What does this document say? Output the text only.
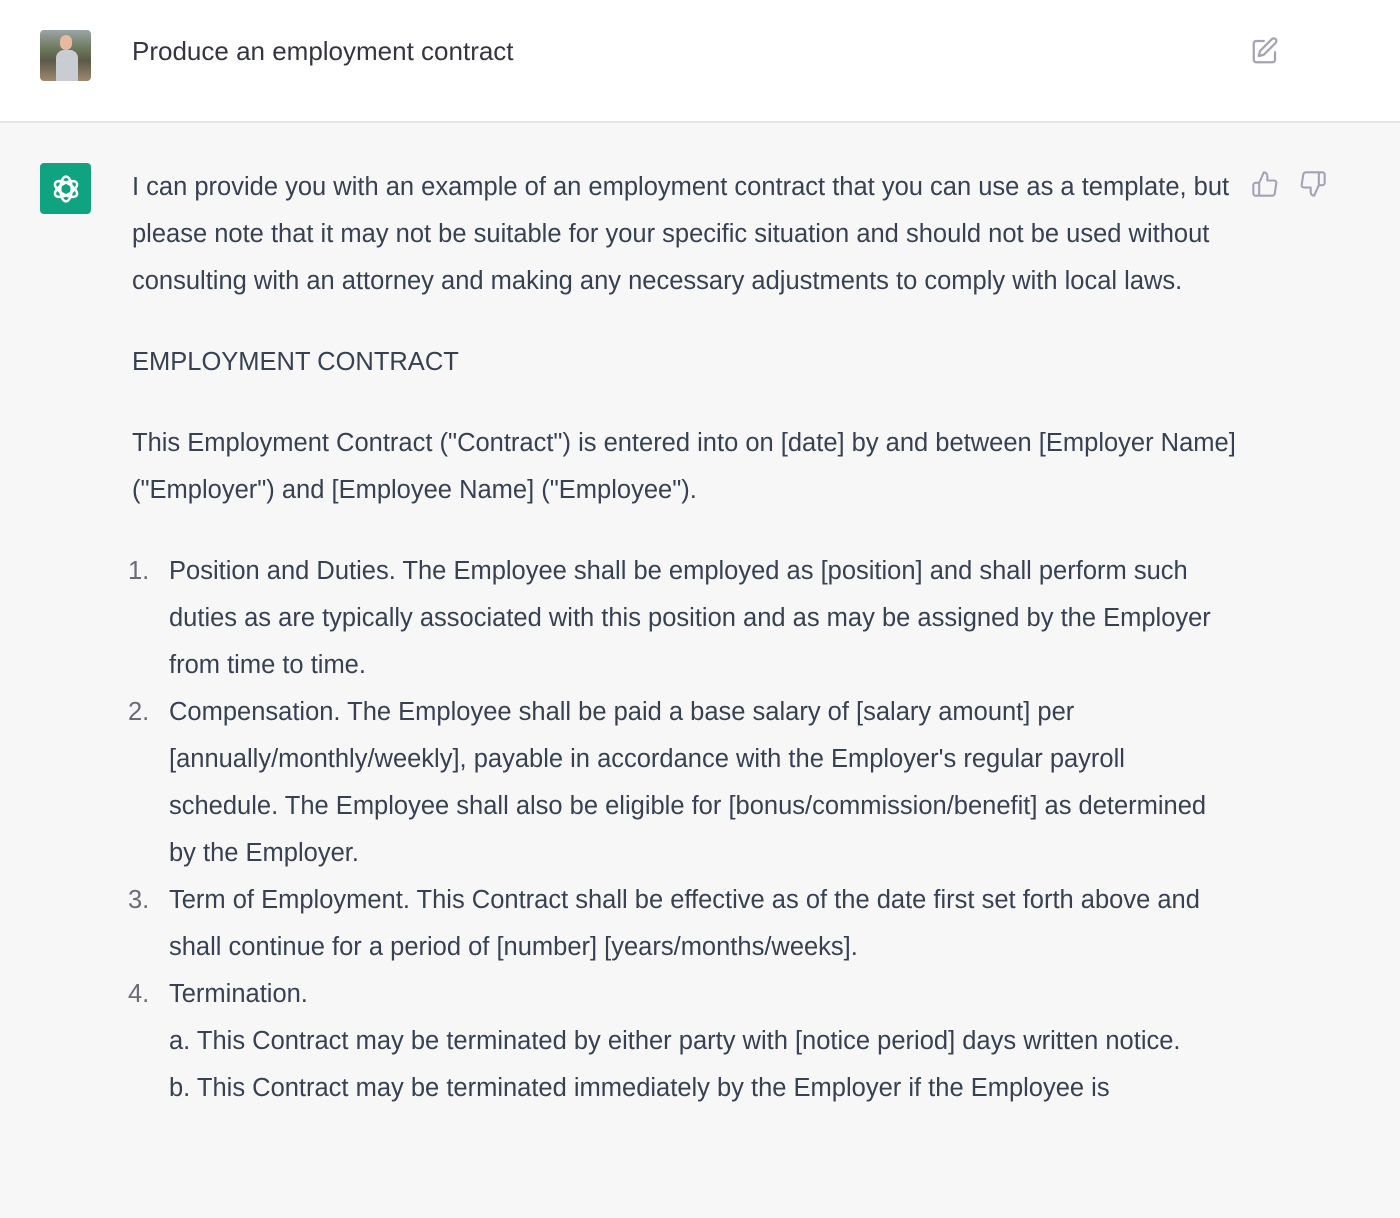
Produce an employment contract

I can provide you with an example of an employment contract that you can use as a template, but please note that it may not be suitable for your specific situation and should not be used without consulting with an attorney and making any necessary adjustments to comply with local laws.

EMPLOYMENT CONTRACT

This Employment Contract ("Contract") is entered into on [date] by and between [Employer Name] ("Employer") and [Employee Name] ("Employee").

1. Position and Duties. The Employee shall be employed as [position] and shall perform such duties as are typically associated with this position and as may be assigned by the Employer from time to time.
2. Compensation. The Employee shall be paid a base salary of [salary amount] per [annually/monthly/weekly], payable in accordance with the Employer's regular payroll schedule. The Employee shall also be eligible for [bonus/commission/benefit] as determined by the Employer.
3. Term of Employment. This Contract shall be effective as of the date first set forth above and shall continue for a period of [number] [years/months/weeks].
4. Termination.
a. This Contract may be terminated by either party with [notice period] days written notice.
b. This Contract may be terminated immediately by the Employer if the Employee is
